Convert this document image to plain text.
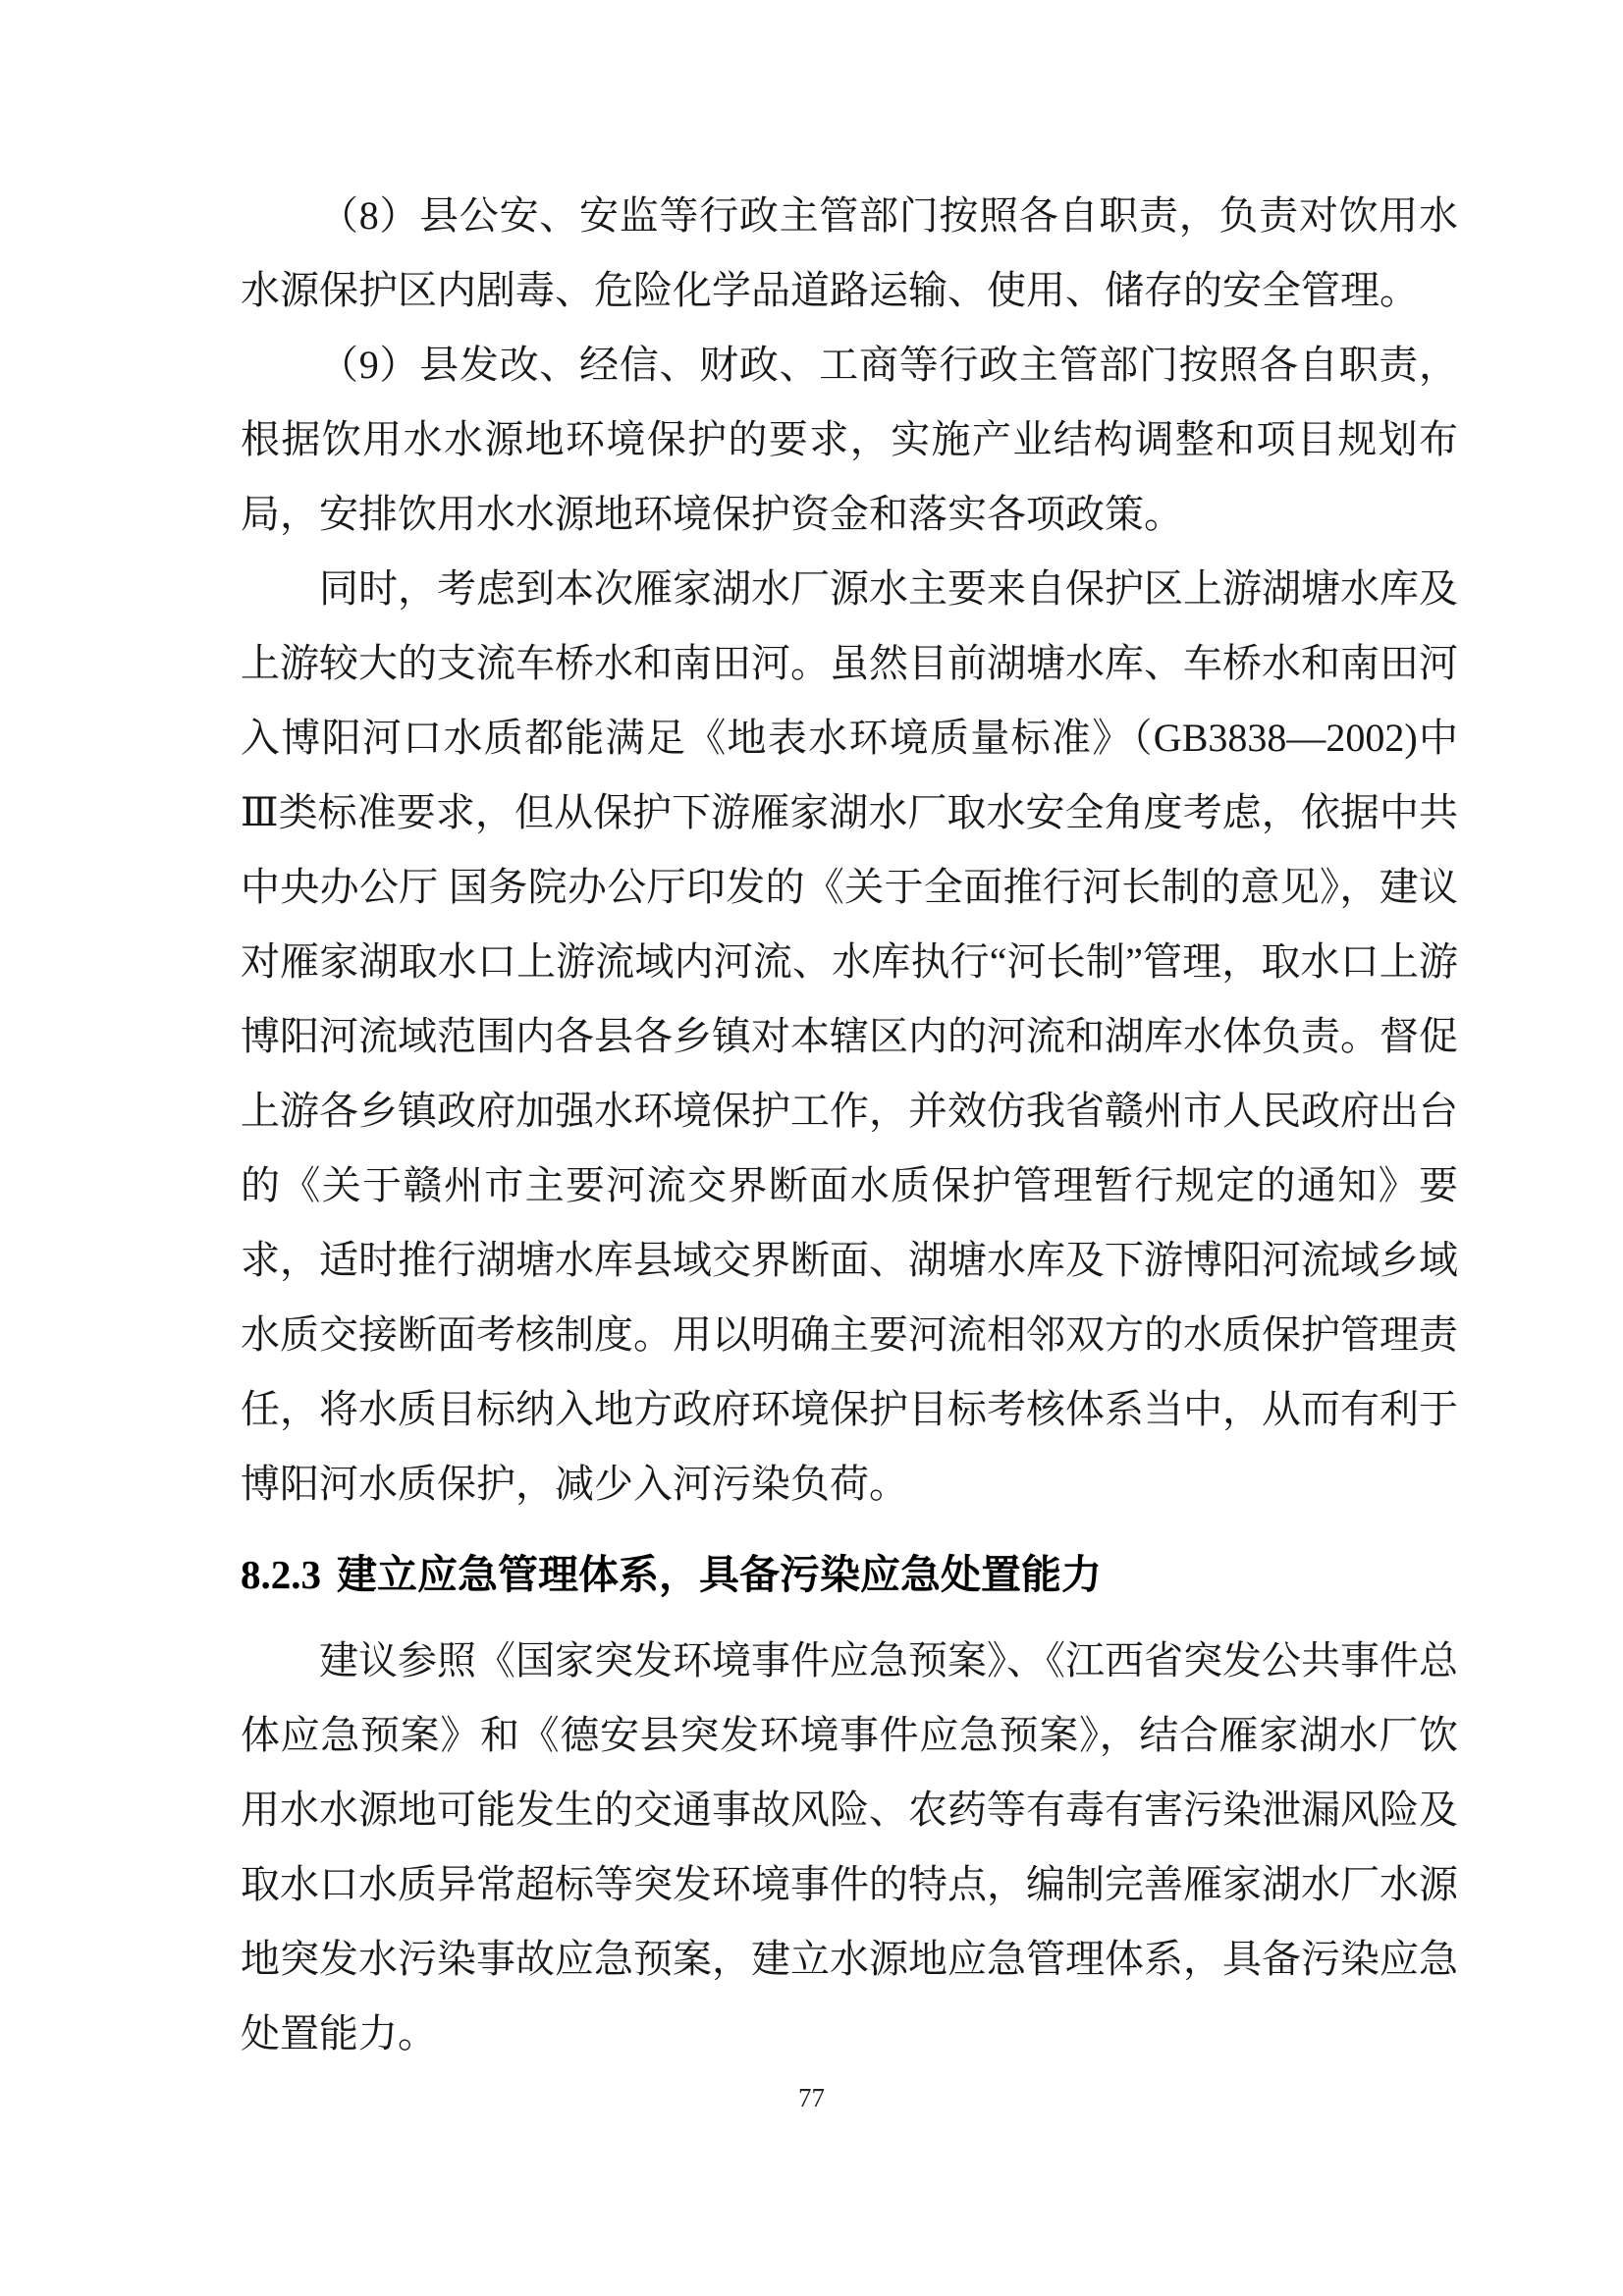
（8）县公安、安监等行政主管部门按照各自职责，负责对饮用水水源保护区内剧毒、危险化学品道路运输、使用、储存的安全管理。

（9）县发改、经信、财政、工商等行政主管部门按照各自职责，根据饮用水水源地环境保护的要求，实施产业结构调整和项目规划布局，安排饮用水水源地环境保护资金和落实各项政策。

同时，考虑到本次雁家湖水厂源水主要来自保护区上游湖塘水库及上游较大的支流车桥水和南田河。虽然目前湖塘水库、车桥水和南田河入博阳河口水质都能满足《地表水环境质量标准》（GB3838—2002)中Ⅲ类标准要求，但从保护下游雁家湖水厂取水安全角度考虑，依据中共中央办公厅 国务院办公厅印发的《关于全面推行河长制的意见》，建议对雁家湖取水口上游流域内河流、水库执行“河长制”管理，取水口上游博阳河流域范围内各县各乡镇对本辖区内的河流和湖库水体负责。督促上游各乡镇政府加强水环境保护工作，并效仿我省赣州市人民政府出台的《关于赣州市主要河流交界断面水质保护管理暂行规定的通知》要求，适时推行湖塘水库县域交界断面、湖塘水库及下游博阳河流域乡域水质交接断面考核制度。用以明确主要河流相邻双方的水质保护管理责任，将水质目标纳入地方政府环境保护目标考核体系当中，从而有利于博阳河水质保护，减少入河污染负荷。

8.2.3 建立应急管理体系，具备污染应急处置能力

建议参照《国家突发环境事件应急预案》、《江西省突发公共事件总体应急预案》和《德安县突发环境事件应急预案》，结合雁家湖水厂饮用水水源地可能发生的交通事故风险、农药等有毒有害污染泄漏风险及取水口水质异常超标等突发环境事件的特点，编制完善雁家湖水厂水源地突发水污染事故应急预案，建立水源地应急管理体系，具备污染应急处置能力。

77
